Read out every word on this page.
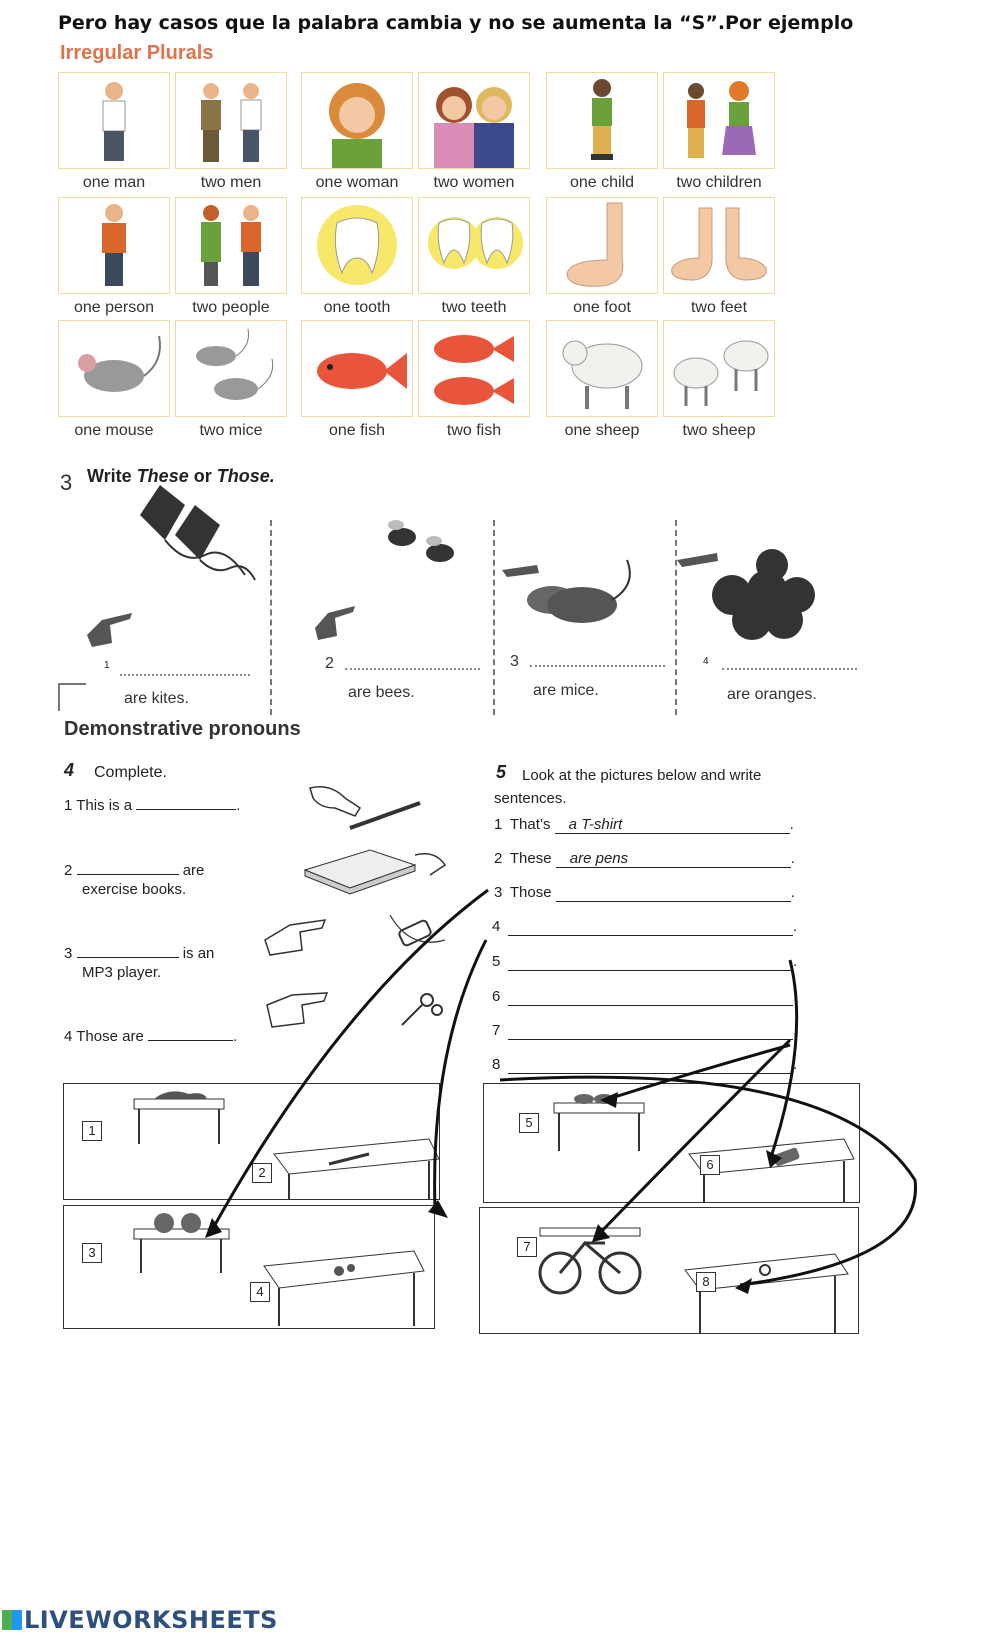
Pero hay casos que la palabra cambia y no se aumenta la “S”.Por ejemplo
Irregular Plurals
one man	two men	one woman	two women	one child	two children
one person	two people	one tooth	two teeth	one foot	two feet
one mouse	two mice	one fish	two fish	one sheep	two sheep
3 Write These or Those.
1
are kites.
2
are bees.
3
are mice.
4
are oranges.
Demonstrative pronouns
4 Complete.
1 This is a	.
2	are
exercise books.
3	is an
MP3 player.
4 Those are	.
5 Look at the pictures below and write
sentences.
1 That’s a T-shirt	.
2 These are pens	.
3 Those	.
4	.
5	.
6	.
7	.
8	.
1
2
3
4
5
6
7
8
LIVEWORKSHEETS
